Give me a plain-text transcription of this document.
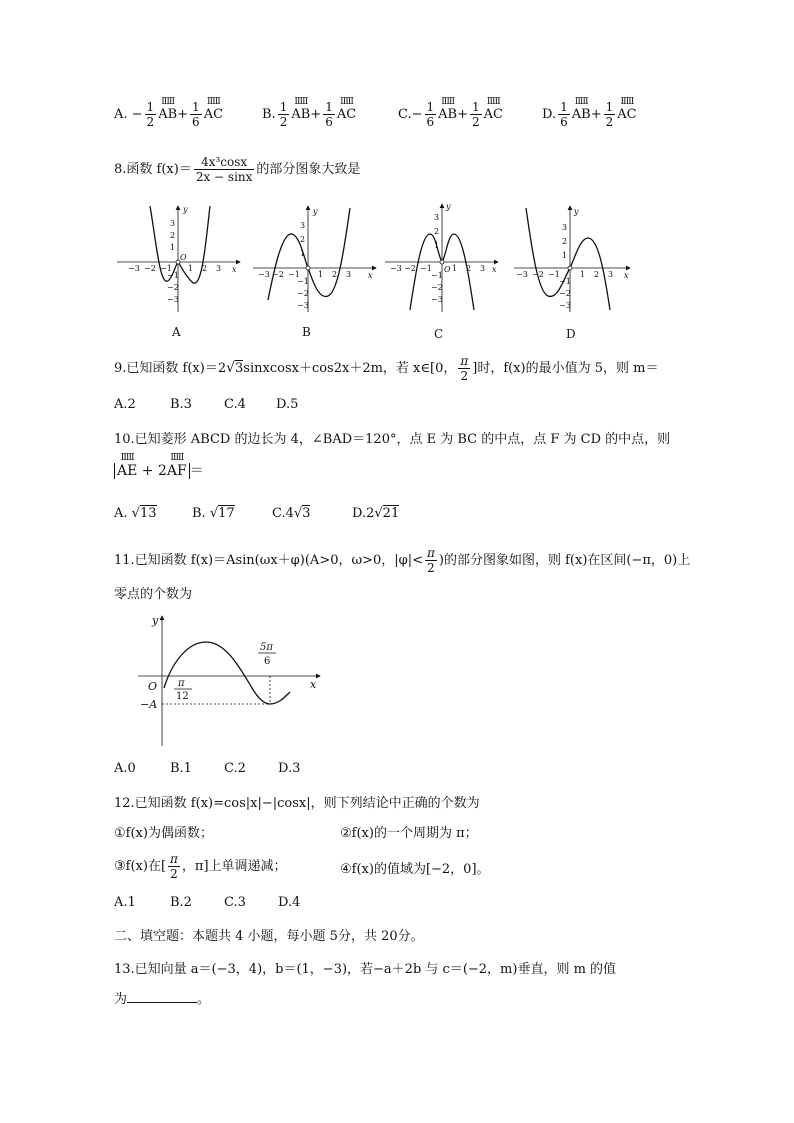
A. − $\frac{1}{2}$ ⅡⅢ
$AB+ \frac{1}{6}$ ⅡⅢ
AC	B. $\frac{1}{2}$ ⅡⅢ
$AB+ \frac{1}{6}$ ⅡⅢ
AC	$C.- \frac{1}{6}$ ⅡⅢ
$AB+ \frac{1}{2}$ ⅡⅢ
AC	D. $\frac{1}{6}$ ⅡⅢ
$AB+ \frac{1}{2}$ ⅡⅢ
AC
8.函数 $f(x)= \frac{\text{4x³cosx}}{2x - \sin x}$ 的部分图象大致是
−3 −2 −1 1 2 3
3
2
1
−1
−2
−3
x
y
O
−3 −2 −1 1 2 3
3
2
1
−1
−2
−3
x
y
−3 −2 −1	1 2 3
3
2
1
−1
−2
−3
x
y
O
−3 −2 −1	1 2 3
3
2
1
−1
−2
−3
x
y
A	B	C	D
9.已知函数 f(x)＝2√3sinxcosx＋cos2x＋2m，若 x∈[0， $\frac{\pi}{2}$ ]时，f(x)的最小值为 5，则 m＝
A.2	B.3 C.4 D.5
10.已知菱形 ABCD 的边长为 4，∠BAD＝120°，点 E 为 BC 的中点，点 F 为 CD 的中点，则
ⅡⅢ
AE + 2
ⅡⅢ
AF ＝
A. √13	B. √17	C.4√3	D.2√21
11.已知函数 f(x)＝Asin(ωx＋φ)(A>0，ω>0，$|\varphi|< \frac{\pi}{2}$ )的部分图象如图，则 f(x)在区间(−π，0)上
零点的个数为
y
x
O
−A
π
12
5π
6
A.0	B.1 C.2 D.3
12.已知函数 f(x)=cos|x|−|cosx|，则下列结论中正确的个数为
①f(x)为偶函数；	②f(x)的一个周期为 π；
③f(x)在[ $\frac{\pi}{2}$ ，π]上单调递减；	④f(x)的值域为[−2，0]。
A.1	B.2 C.3 D.4
二、填空题：本题共 4 小题，每小题 5分，共 20分。
13.已知向量 a＝(−3，4)，b＝(1，−3)，若−a＋2b 与 c＝(−2，m)垂直，则 m 的值
为	。
